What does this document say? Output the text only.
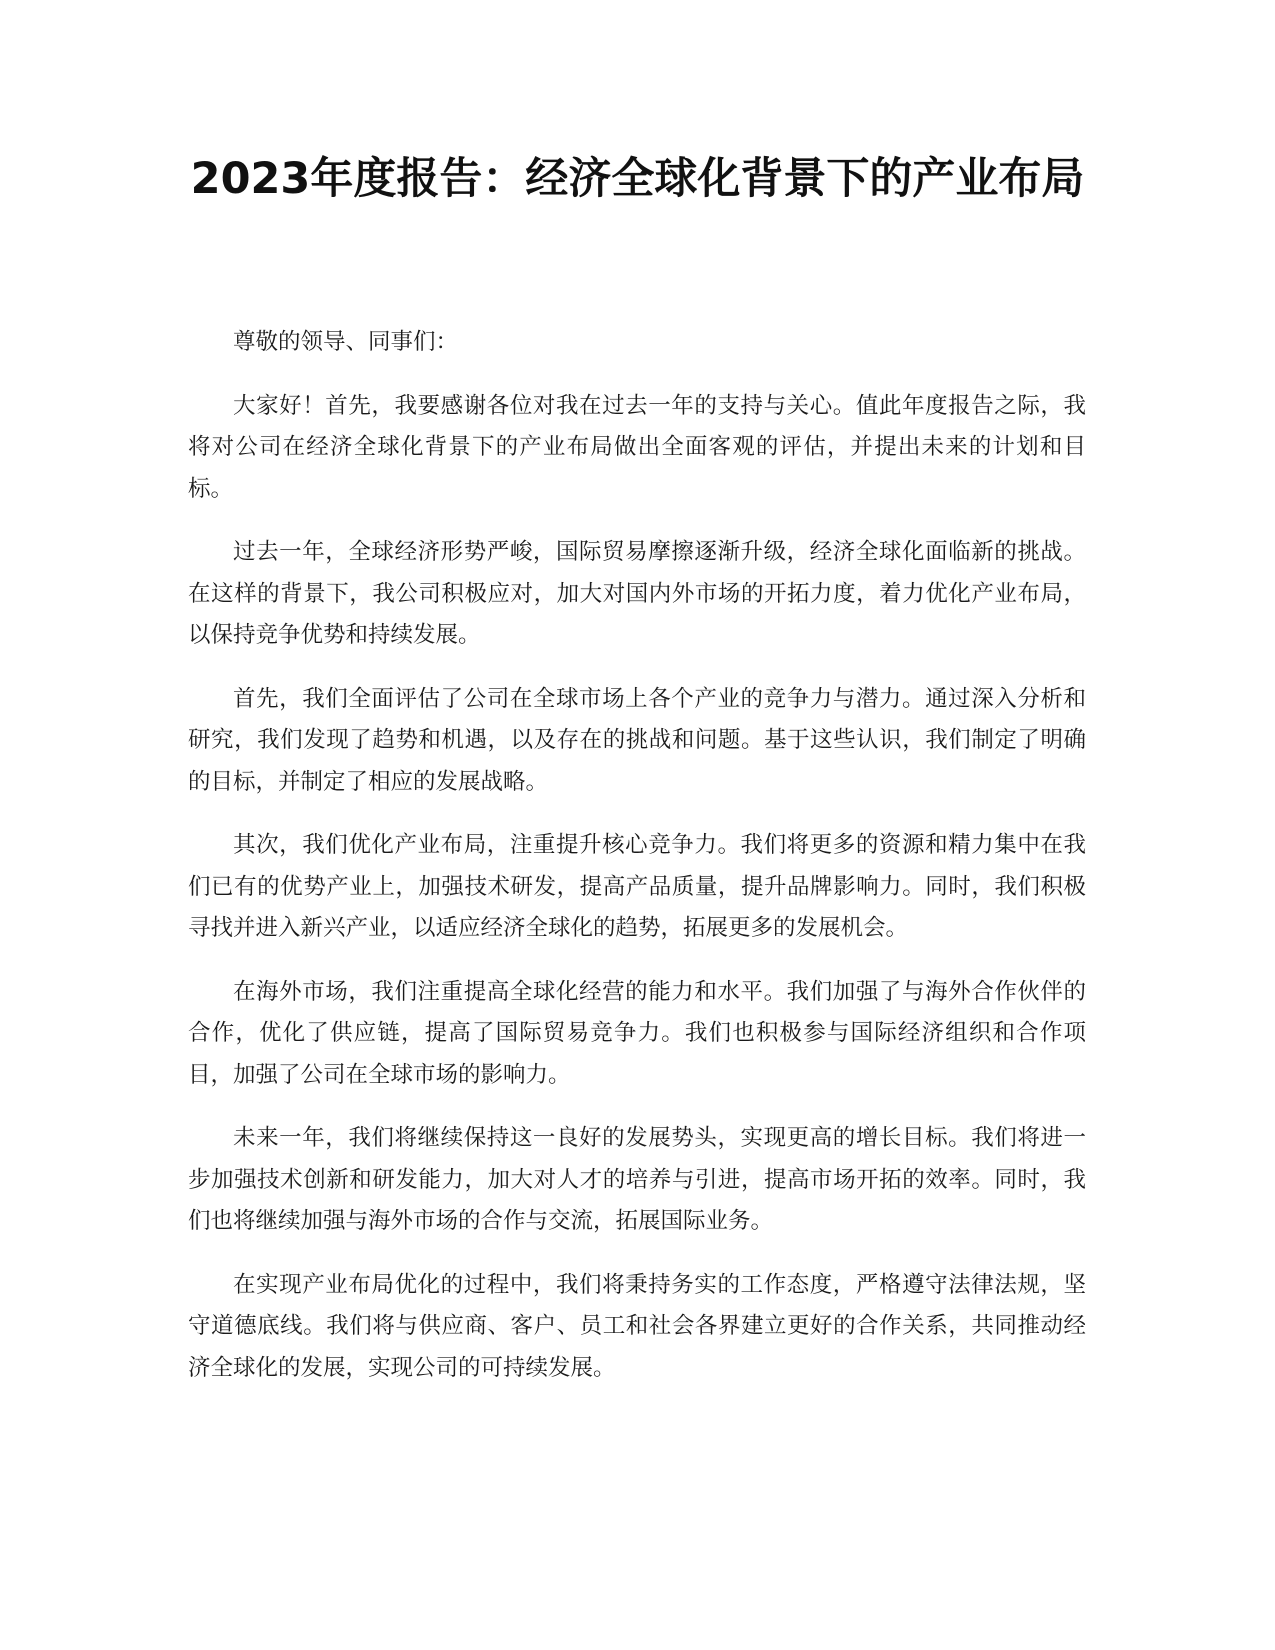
2023年度报告：经济全球化背景下的产业布局

尊敬的领导、同事们：

大家好！首先，我要感谢各位对我在过去一年的支持与关心。值此年度报告之际，我将对公司在经济全球化背景下的产业布局做出全面客观的评估，并提出未来的计划和目标。

过去一年，全球经济形势严峻，国际贸易摩擦逐渐升级，经济全球化面临新的挑战。在这样的背景下，我公司积极应对，加大对国内外市场的开拓力度，着力优化产业布局，以保持竞争优势和持续发展。

首先，我们全面评估了公司在全球市场上各个产业的竞争力与潜力。通过深入分析和研究，我们发现了趋势和机遇，以及存在的挑战和问题。基于这些认识，我们制定了明确的目标，并制定了相应的发展战略。

其次，我们优化产业布局，注重提升核心竞争力。我们将更多的资源和精力集中在我们已有的优势产业上，加强技术研发，提高产品质量，提升品牌影响力。同时，我们积极寻找并进入新兴产业，以适应经济全球化的趋势，拓展更多的发展机会。

在海外市场，我们注重提高全球化经营的能力和水平。我们加强了与海外合作伙伴的合作，优化了供应链，提高了国际贸易竞争力。我们也积极参与国际经济组织和合作项目，加强了公司在全球市场的影响力。

未来一年，我们将继续保持这一良好的发展势头，实现更高的增长目标。我们将进一步加强技术创新和研发能力，加大对人才的培养与引进，提高市场开拓的效率。同时，我们也将继续加强与海外市场的合作与交流，拓展国际业务。

在实现产业布局优化的过程中，我们将秉持务实的工作态度，严格遵守法律法规，坚守道德底线。我们将与供应商、客户、员工和社会各界建立更好的合作关系，共同推动经济全球化的发展，实现公司的可持续发展。
